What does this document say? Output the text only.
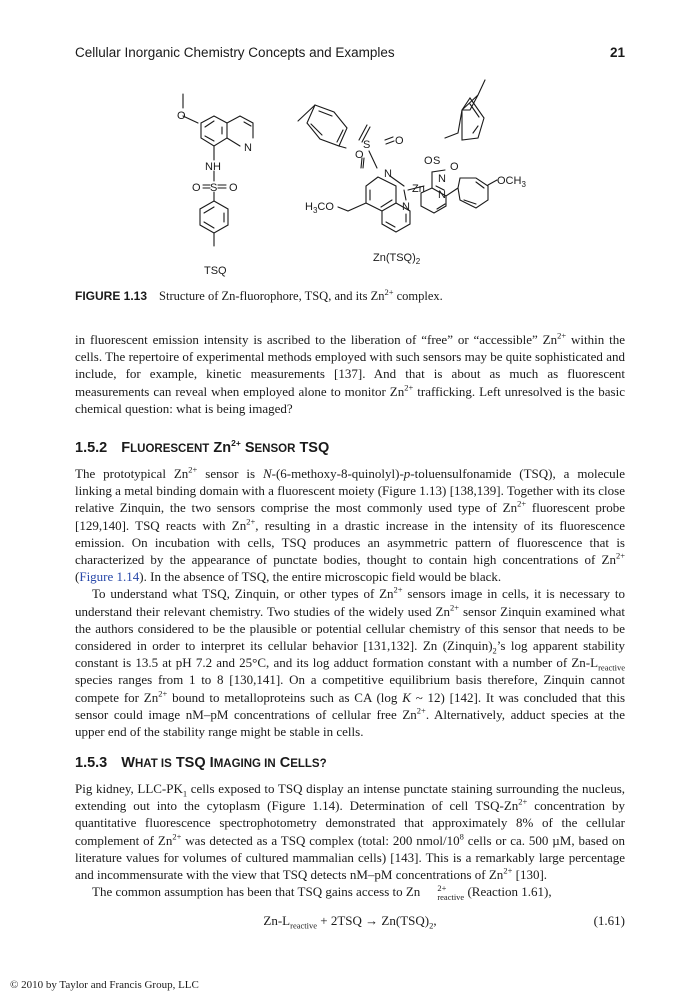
Cellular Inorganic Chemistry Concepts and Examples	21
O
N
NH
O S O
O
S O
N
Zn
N
O S O
N
N
$OCH_3$
$H_3CO$
TSQ
$Zn(TSQ)_2$
FIGURE 1.13 Structure of Zn-fluorophore, TSQ, and its $Zn^{2+}$ complex.

in fluorescent emission intensity is ascribed to the liberation of “free” or “accessible” $Zn^{2+}$ within the cells. The repertoire of experimental methods employed with such sensors may be quite sophisticated and include, for example, kinetic measurements [137]. And that is about as much as fluorescent measurements can reveal when employed alone to monitor $Zn^{2+}$ trafficking. Left unresolved is the basic chemical question: what is being imaged?

1.5.2 FLUORESCENT $Zn^{2+}$ SENSOR TSQ

The prototypical $Zn^{2+}$ sensor is N-(6-methoxy-8-quinolyl)-p-toluensulfonamide (TSQ), a molecule linking a metal binding domain with a fluorescent moiety (Figure 1.13) [138,139]. Together with its close relative Zinquin, the two sensors comprise the most commonly used type of $Zn^{2+}$ fluorescent probe [129,140]. TSQ reacts with $Zn^{2+}$, resulting in a drastic increase in the intensity of its fluorescence emission. On incubation with cells, TSQ produces an asymmetric pattern of fluorescence that is characterized by the appearance of punctate bodies, thought to contain high concentrations of $Zn^{2+}$ (Figure 1.14). In the absence of TSQ, the entire microscopic field would be black.

To understand what TSQ, Zinquin, or other types of $Zn^{2+}$ sensors image in cells, it is necessary to understand their relevant chemistry. Two studies of the widely used $Zn^{2+}$ sensor Zinquin examined what the authors considered to be the plausible or potential cellular chemistry of this sensor that needs to be considered in order to interpret its cellular behavior [131,132]. Zn $(Zinquin)_2’s$ log apparent stability constant is 13.5 at pH 7.2 and 25°C, and its log adduct formation constant with a number of $Zn-L_{reactive}$ species ranges from 1 to 8 [130,141]. On a competitive equilibrium basis therefore, Zinquin cannot compete for $Zn^{2+}$ bound to metalloproteins such as CA (log K ~ 12) [142]. It was concluded that this sensor could image nM–pM concentrations of cellular free $Zn^{2+}$. Alternatively, adduct species at the upper end of the stability range might be stable in cells.

1.5.3 WHAT IS TSQ IMAGING IN CELLS?

Pig kidney, LLC-$PK_1$ cells exposed to TSQ display an intense punctate staining surrounding the nucleus, extending out into the cytoplasm (Figure 1.14). Determination of cell TSQ-$Zn^{2+}$ concentration by quantitative fluorescence spectrophotometry demonstrated that approximately 8% of the cellular complement of $Zn^{2+}$ was detected as a TSQ complex (total: 200 nmol/$10^8$ cells or ca. 500 µM, based on literature values for volumes of cultured mammalian cells) [143]. This is a remarkably large percentage and incommensurate with the view that TSQ detects nM–pM concentrations of $Zn^{2+}$ [130].

The common assumption has been that TSQ gains access to Zn	2+
reactive (Reaction 1.61),

$Zn-L_{reactive} + 2TSQ \to Zn(TSQ)_2$,	(1.61)
© 2010 by Taylor and Francis Group, LLC
